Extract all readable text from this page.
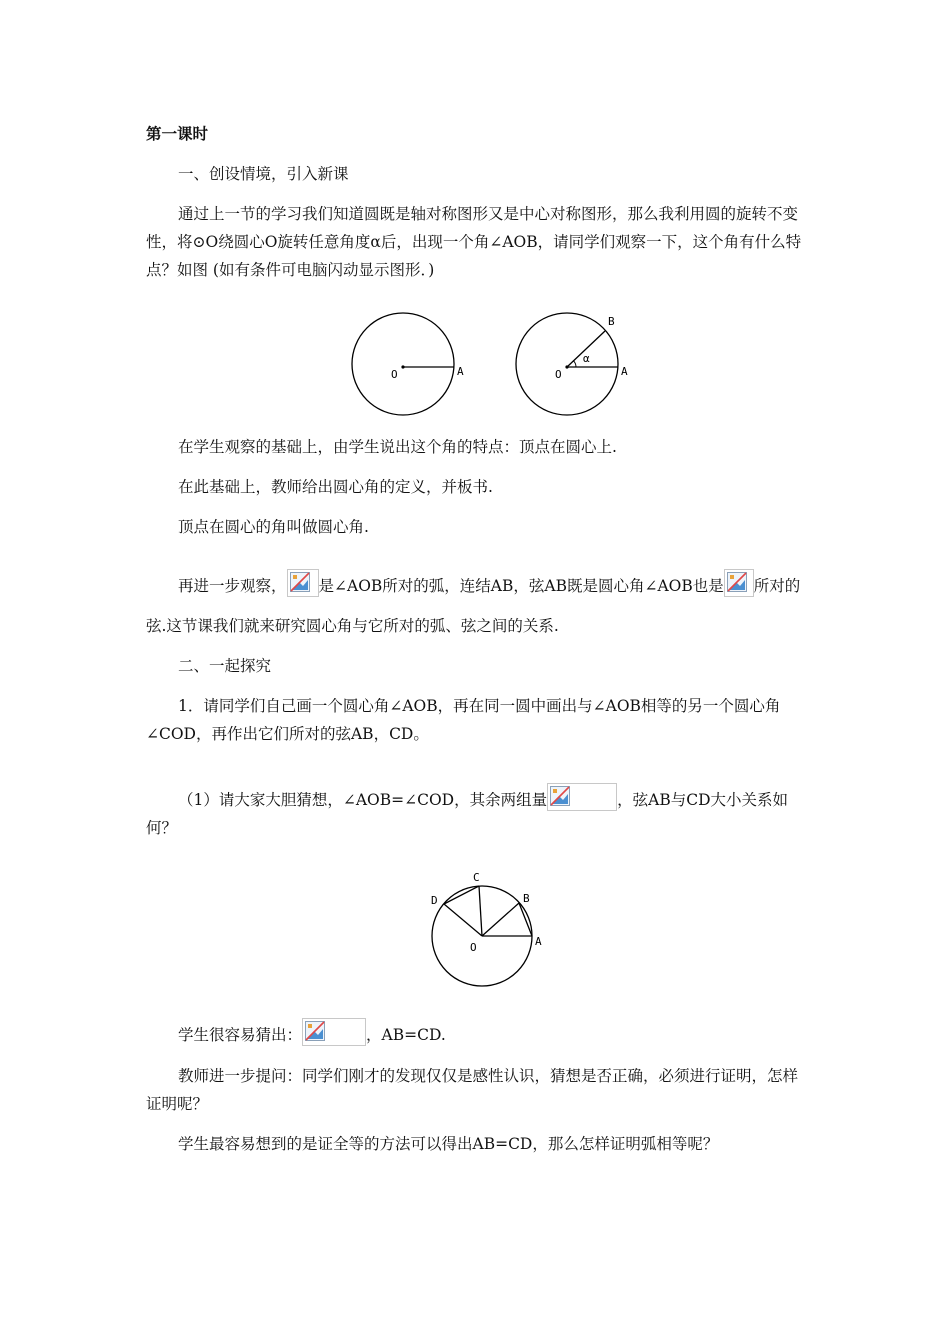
第一课时

一、创设情境，引入新课

通过上一节的学习我们知道圆既是轴对称图形又是中心对称图形，那么我利用圆的旋转不变性，将⊙O绕圆心O旋转任意角度α后，出现一个角∠AOB，请同学们观察一下，这个角有什么特点？如图 (如有条件可电脑闪动显示图形．)

O	A	O	A
B
α

在学生观察的基础上，由学生说出这个角的特点：顶点在圆心上.

在此基础上，教师给出圆心角的定义，并板书.

顶点在圆心的角叫做圆心角.

再进一步观察， 是∠AOB所对的弧，连结AB，弦AB既是圆心角∠AOB也是 所对的弦.这节课我们就来研究圆心角与它所对的弧、弦之间的关系.

二、一起探究

1．请同学们自己画一个圆心角∠AOB，再在同一圆中画出与∠AOB相等的另一个圆心角∠COD，再作出它们所对的弦AB，CD。

（1）请大家大胆猜想，∠AOB=∠COD，其余两组量	，弦AB与CD大小关系如何？

O	A
B
C
D

学生很容易猜出：	，AB=CD.

教师进一步提问：同学们刚才的发现仅仅是感性认识，猜想是否正确，必须进行证明，怎样证明呢？

学生最容易想到的是证全等的方法可以得出AB=CD，那么怎样证明弧相等呢？
